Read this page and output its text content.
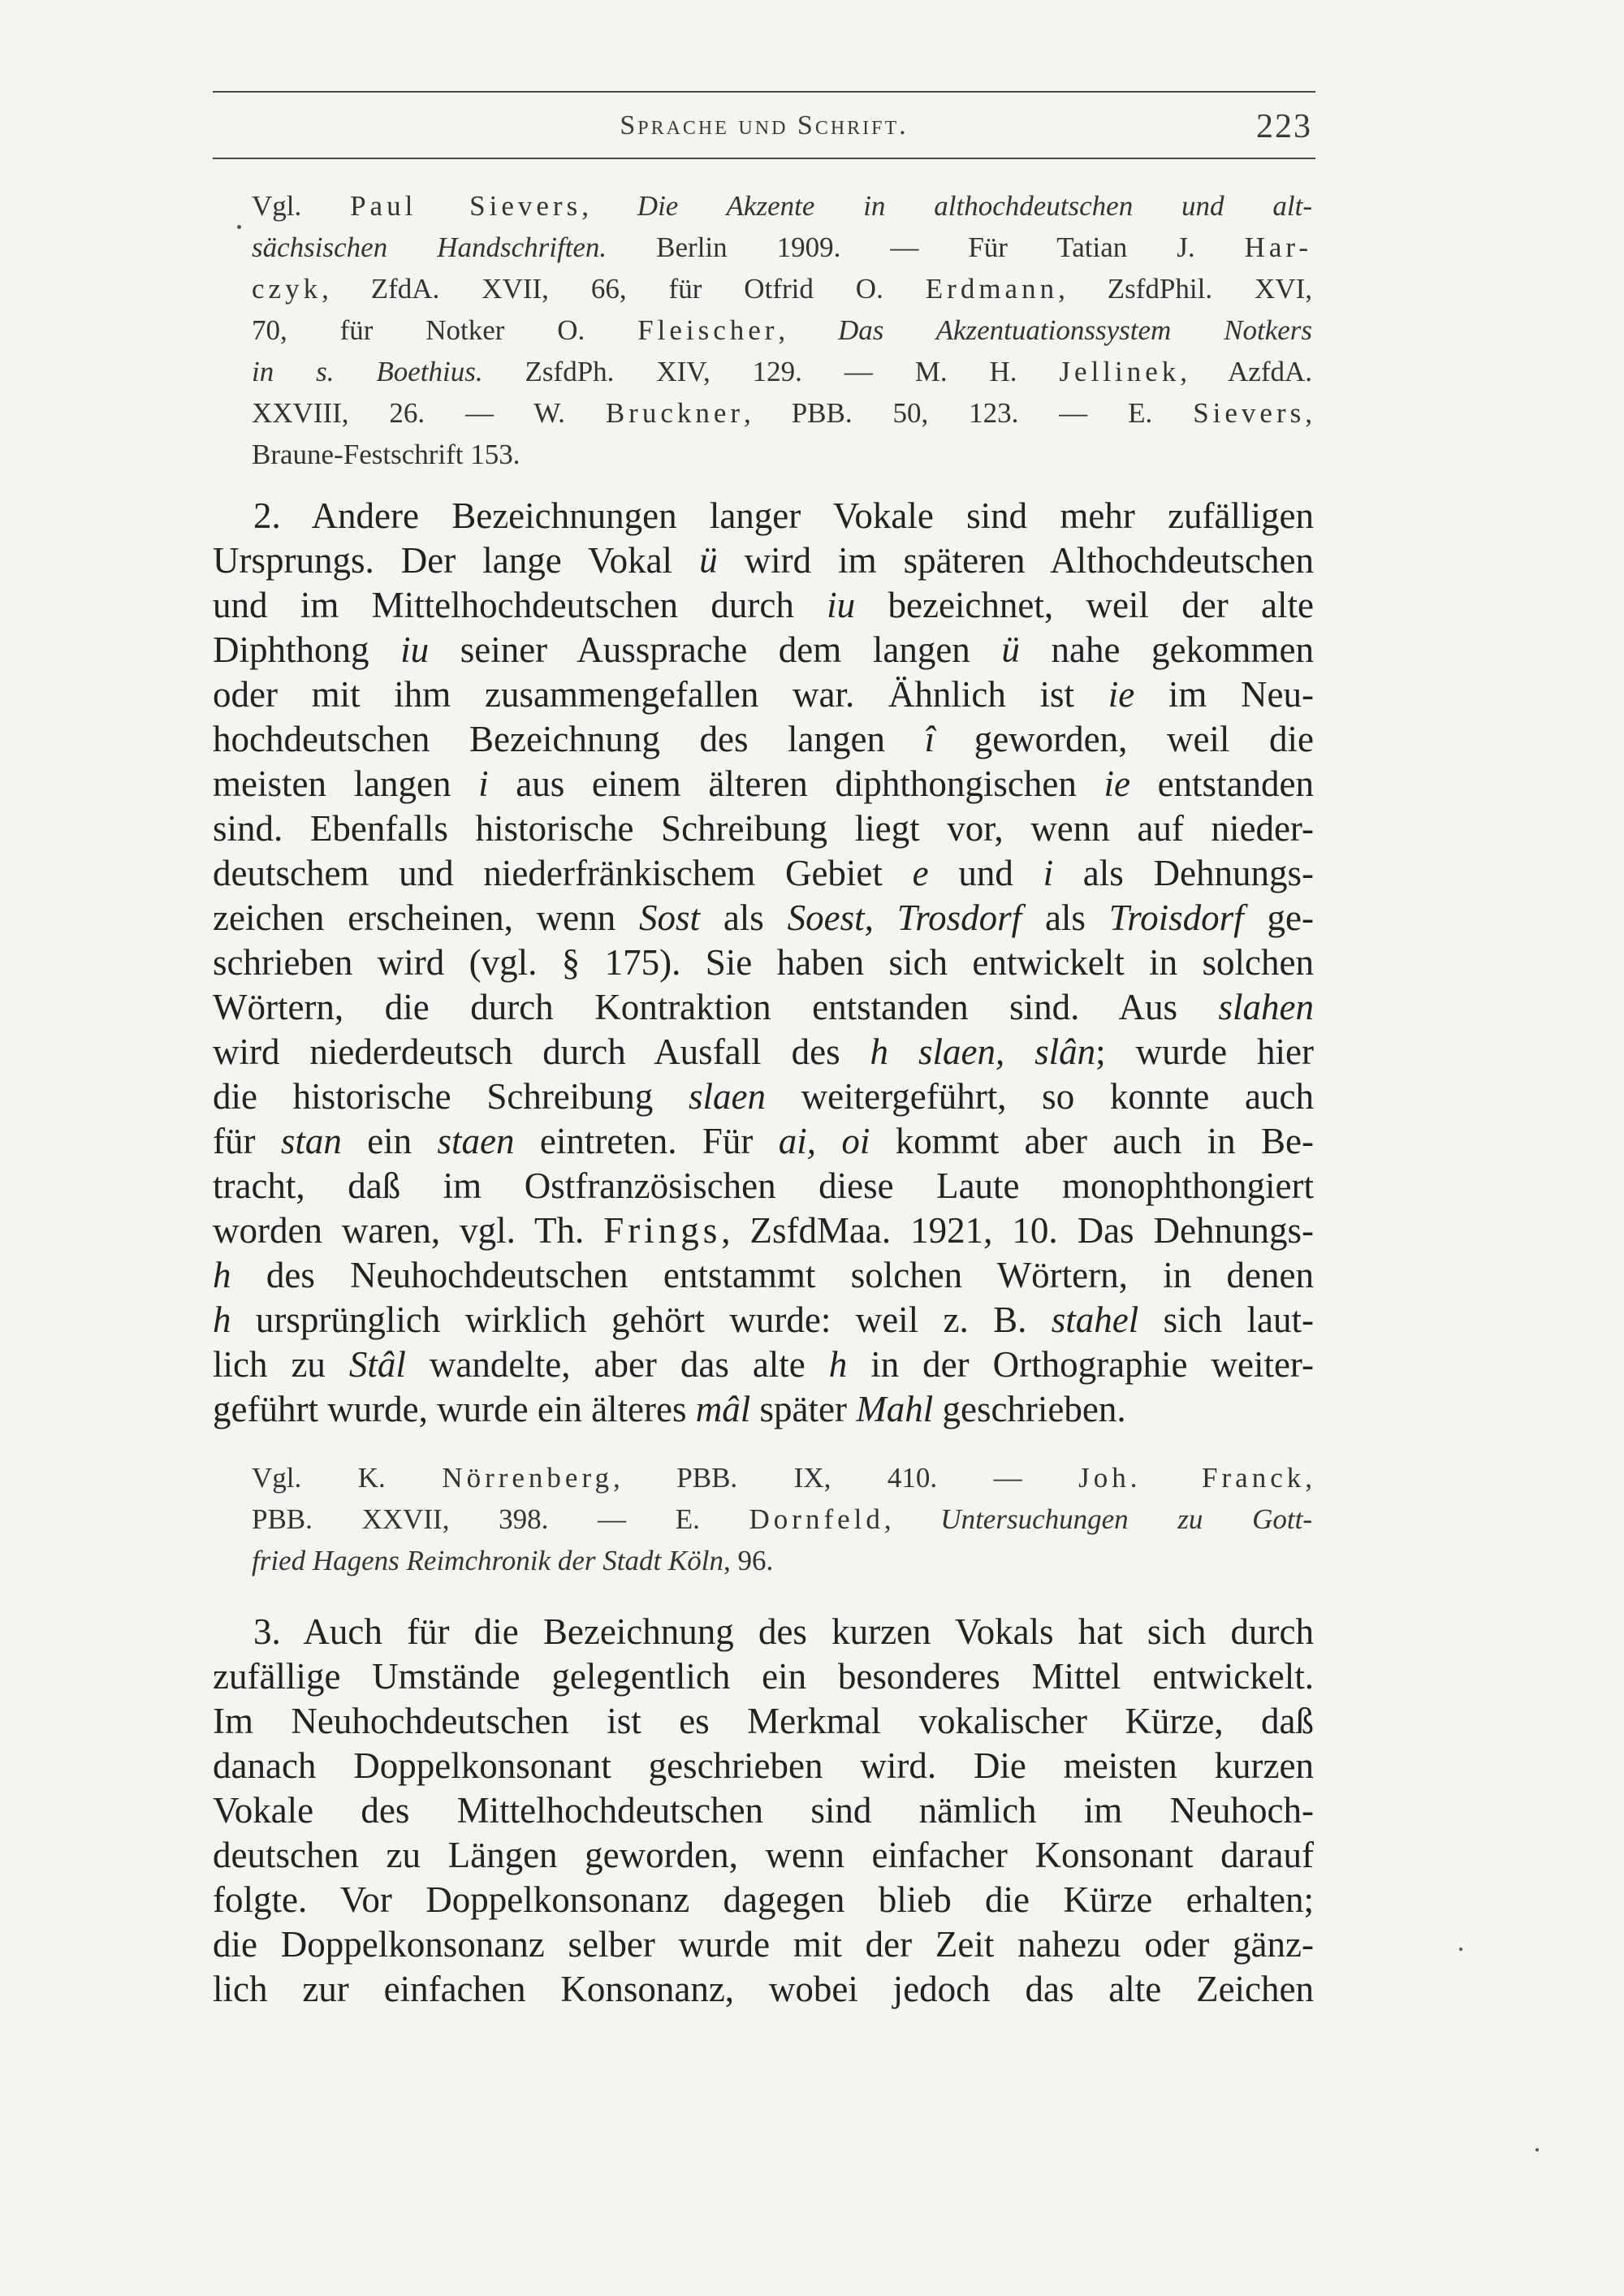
Sprache und Schrift.	223
Vgl. Paul Sievers, Die Akzente in althochdeutschen und alt-
sächsischen Handschriften. Berlin 1909. — Für Tatian J. Har-
czyk, ZfdA. XVII, 66, für Otfrid O. Erdmann, ZsfdPhil. XVI,
70, für Notker O. Fleischer, Das Akzentuationssystem Notkers
in s. Boethius. ZsfdPh. XIV, 129. — M. H. Jellinek, AzfdA.
XXVIII, 26. — W. Bruckner, PBB. 50, 123. — E. Sievers,
Braune-Festschrift 153.
2. Andere Bezeichnungen langer Vokale sind mehr zufälligen
Ursprungs. Der lange Vokal ü wird im späteren Althochdeutschen
und im Mittelhochdeutschen durch iu bezeichnet, weil der alte
Diphthong iu seiner Aussprache dem langen ü nahe gekommen
oder mit ihm zusammengefallen war. Ähnlich ist ie im Neu-
hochdeutschen Bezeichnung des langen î geworden, weil die
meisten langen i aus einem älteren diphthongischen ie entstanden
sind. Ebenfalls historische Schreibung liegt vor, wenn auf nieder-
deutschem und niederfränkischem Gebiet e und i als Dehnungs-
zeichen erscheinen, wenn Sost als Soest, Trosdorf als Troisdorf ge-
schrieben wird (vgl. § 175). Sie haben sich entwickelt in solchen
Wörtern, die durch Kontraktion entstanden sind. Aus slahen
wird niederdeutsch durch Ausfall des h slaen, slân; wurde hier
die historische Schreibung slaen weitergeführt, so konnte auch
für stan ein staen eintreten. Für ai, oi kommt aber auch in Be-
tracht, daß im Ostfranzösischen diese Laute monophthongiert
worden waren, vgl. Th. Frings, ZsfdMaa. 1921, 10. Das Dehnungs-
h des Neuhochdeutschen entstammt solchen Wörtern, in denen
h ursprünglich wirklich gehört wurde: weil z. B. stahel sich laut-
lich zu Stâl wandelte, aber das alte h in der Orthographie weiter-
geführt wurde, wurde ein älteres mâl später Mahl geschrieben.
Vgl. K. Nörrenberg, PBB. IX, 410. — Joh. Franck,
PBB. XXVII, 398. — E. Dornfeld, Untersuchungen zu Gott-
fried Hagens Reimchronik der Stadt Köln, 96.
3. Auch für die Bezeichnung des kurzen Vokals hat sich durch
zufällige Umstände gelegentlich ein besonderes Mittel entwickelt.
Im Neuhochdeutschen ist es Merkmal vokalischer Kürze, daß
danach Doppelkonsonant geschrieben wird. Die meisten kurzen
Vokale des Mittelhochdeutschen sind nämlich im Neuhoch-
deutschen zu Längen geworden, wenn einfacher Konsonant darauf
folgte. Vor Doppelkonsonanz dagegen blieb die Kürze erhalten;
die Doppelkonsonanz selber wurde mit der Zeit nahezu oder gänz-
lich zur einfachen Konsonanz, wobei jedoch das alte Zeichen
